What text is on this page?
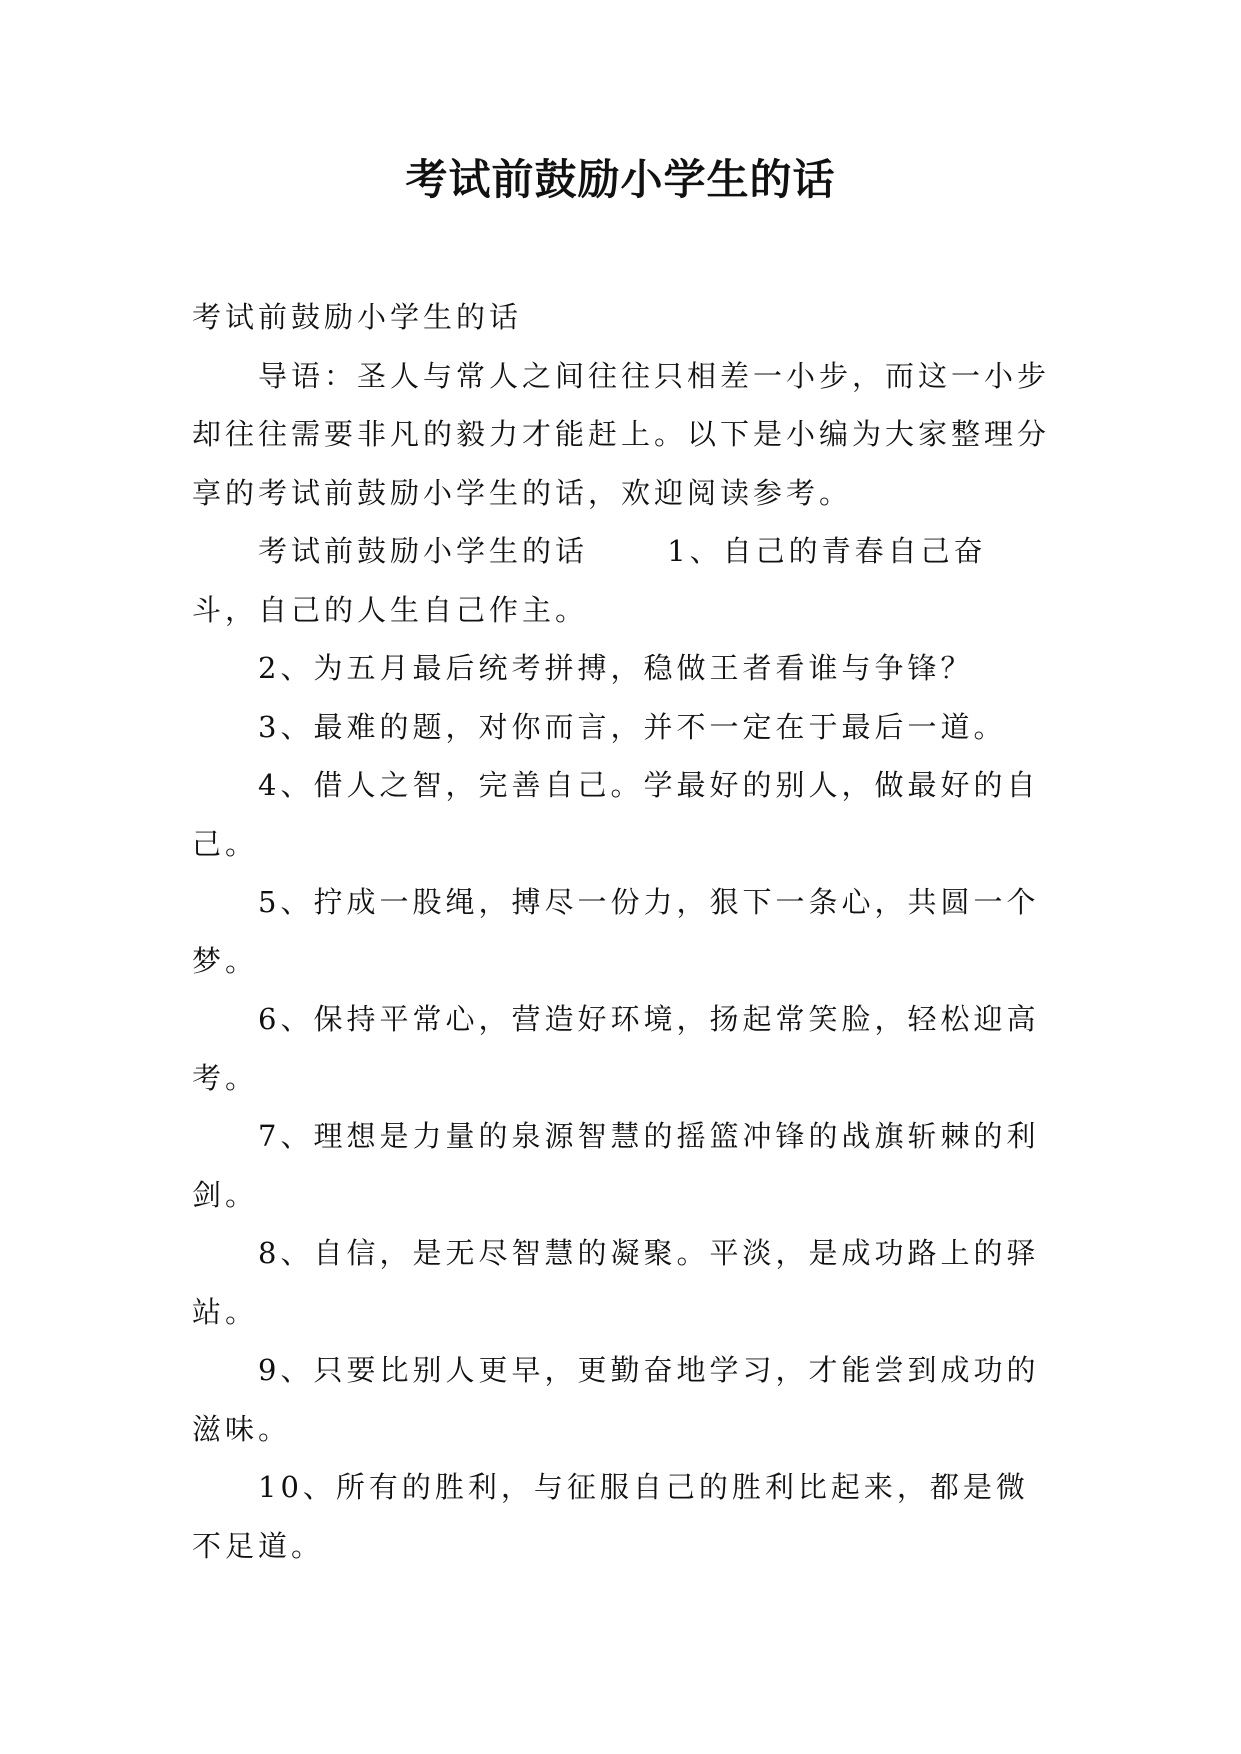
考试前鼓励小学生的话

考试前鼓励小学生的话

导语：圣人与常人之间往往只相差一小步，而这一小步却往往需要非凡的毅力才能赶上。以下是小编为大家整理分享的考试前鼓励小学生的话，欢迎阅读参考。

考试前鼓励小学生的话　　 1、自己的青春自己奋斗，自己的人生自己作主。

2、为五月最后统考拼搏，稳做王者看谁与争锋？

3、最难的题，对你而言，并不一定在于最后一道。

4、借人之智，完善自己。学最好的别人，做最好的自己。

5、拧成一股绳，搏尽一份力，狠下一条心，共圆一个梦。

6、保持平常心，营造好环境，扬起常笑脸，轻松迎高考。

7、理想是力量的泉源智慧的摇篮冲锋的战旗斩棘的利剑。

8、自信，是无尽智慧的凝聚。平淡，是成功路上的驿站。

9、只要比别人更早，更勤奋地学习，才能尝到成功的滋味。

10、所有的胜利，与征服自己的胜利比起来，都是微不足道。
